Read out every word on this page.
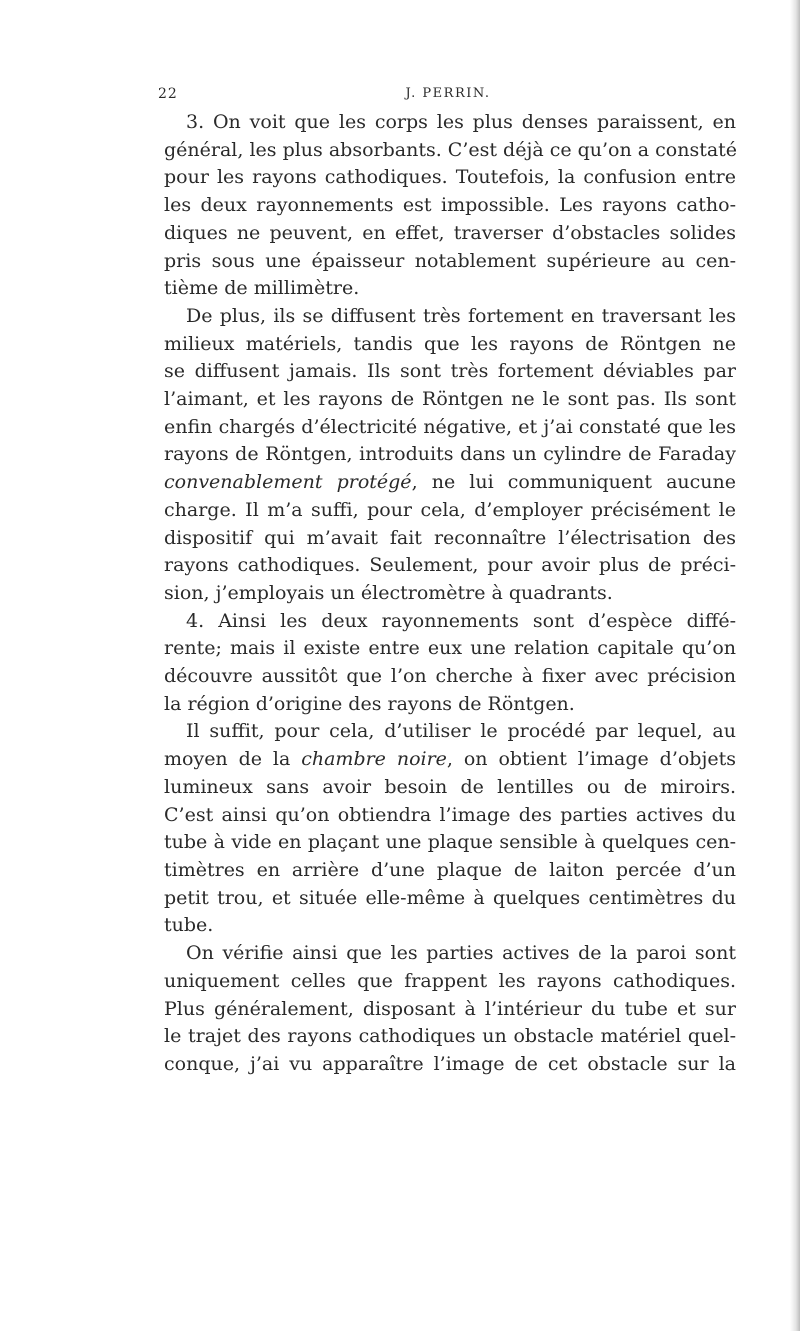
22	J. PERRIN.
3. On voit que les corps les plus denses paraissent, en
général, les plus absorbants. C’est déjà ce qu’on a constaté
pour les rayons cathodiques. Toutefois, la confusion entre
les deux rayonnements est impossible. Les rayons catho-
diques ne peuvent, en effet, traverser d’obstacles solides
pris sous une épaisseur notablement supérieure au cen-
tième de millimètre.
De plus, ils se diffusent très fortement en traversant les
milieux matériels, tandis que les rayons de Röntgen ne
se diffusent jamais. Ils sont très fortement déviables par
l’aimant, et les rayons de Röntgen ne le sont pas. Ils sont
enfin chargés d’électricité négative, et j’ai constaté que les
rayons de Röntgen, introduits dans un cylindre de Faraday
convenablement protégé, ne lui communiquent aucune
charge. Il m’a suffi, pour cela, d’employer précisément le
dispositif qui m’avait fait reconnaître l’électrisation des
rayons cathodiques. Seulement, pour avoir plus de préci-
sion, j’employais un électromètre à quadrants.
4. Ainsi les deux rayonnements sont d’espèce diffé-
rente; mais il existe entre eux une relation capitale qu’on
découvre aussitôt que l’on cherche à fixer avec précision
la région d’origine des rayons de Röntgen.
Il suffit, pour cela, d’utiliser le procédé par lequel, au
moyen de la chambre noire, on obtient l’image d’objets
lumineux sans avoir besoin de lentilles ou de miroirs.
C’est ainsi qu’on obtiendra l’image des parties actives du
tube à vide en plaçant une plaque sensible à quelques cen-
timètres en arrière d’une plaque de laiton percée d’un
petit trou, et située elle-même à quelques centimètres du
tube.
On vérifie ainsi que les parties actives de la paroi sont
uniquement celles que frappent les rayons cathodiques.
Plus généralement, disposant à l’intérieur du tube et sur
le trajet des rayons cathodiques un obstacle matériel quel-
conque, j’ai vu apparaître l’image de cet obstacle sur la
